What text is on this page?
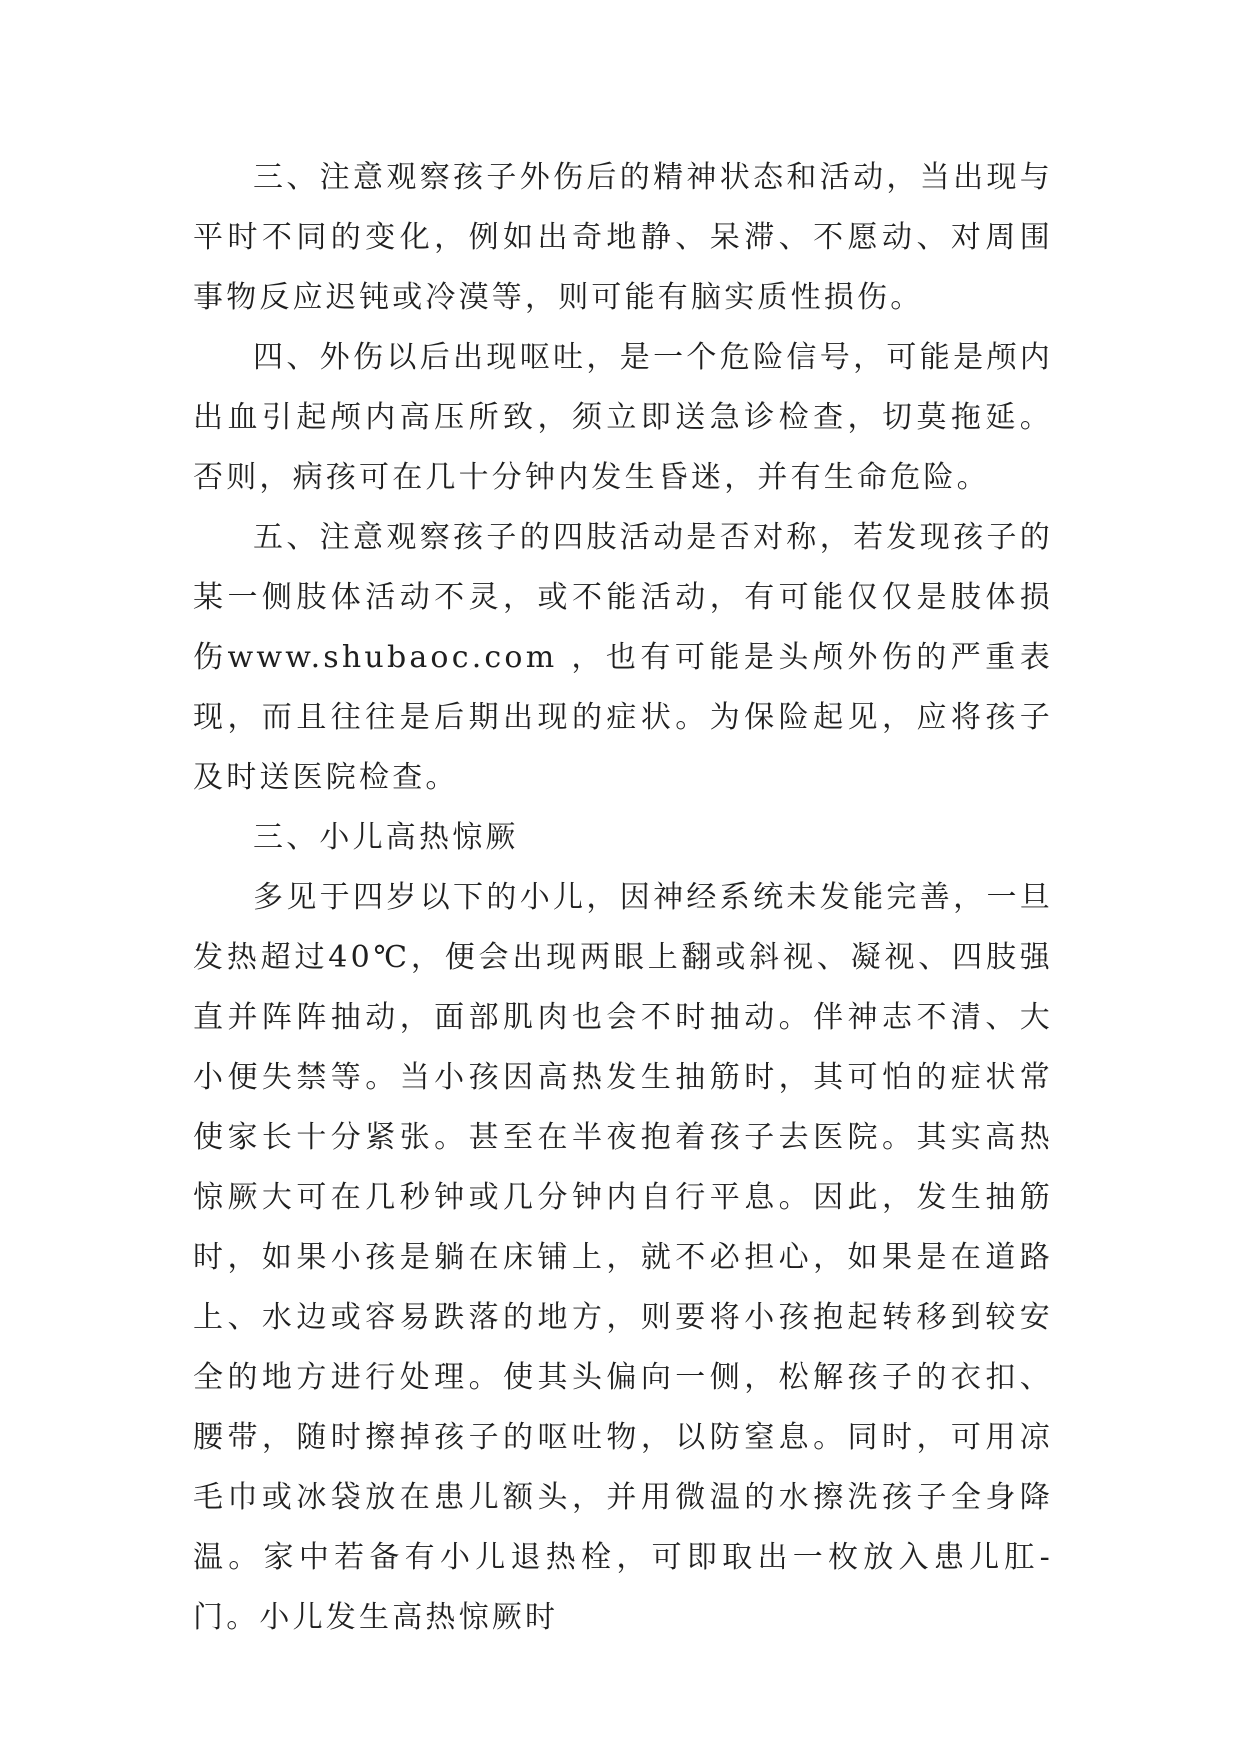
三、注意观察孩子外伤后的精神状态和活动，当出现与平时不同的变化，例如出奇地静、呆滞、不愿动、对周围事物反应迟钝或冷漠等，则可能有脑实质性损伤。

四、外伤以后出现呕吐，是一个危险信号，可能是颅内出血引起颅内高压所致，须立即送急诊检查，切莫拖延。否则，病孩可在几十分钟内发生昏迷，并有生命危险。

五、注意观察孩子的四肢活动是否对称，若发现孩子的某一侧肢体活动不灵，或不能活动，有可能仅仅是肢体损伤www.shubaoc.com ，也有可能是头颅外伤的严重表现，而且往往是后期出现的症状。为保险起见，应将孩子及时送医院检查。

三、小儿高热惊厥

多见于四岁以下的小儿，因神经系统未发能完善，一旦发热超过40℃，便会出现两眼上翻或斜视、凝视、四肢强直并阵阵抽动，面部肌肉也会不时抽动。伴神志不清、大小便失禁等。当小孩因高热发生抽筋时，其可怕的症状常使家长十分紧张。甚至在半夜抱着孩子去医院。其实高热惊厥大可在几秒钟或几分钟内自行平息。因此，发生抽筋时，如果小孩是躺在床铺上，就不必担心，如果是在道路上、水边或容易跌落的地方，则要将小孩抱起转移到较安全的地方进行处理。使其头偏向一侧，松解孩子的衣扣、腰带，随时擦掉孩子的呕吐物，以防窒息。同时，可用凉毛巾或冰袋放在患儿额头，并用微温的水擦洗孩子全身降温。家中若备有小儿退热栓，可即取出一枚放入患儿肛-门。小儿发生高热惊厥时
